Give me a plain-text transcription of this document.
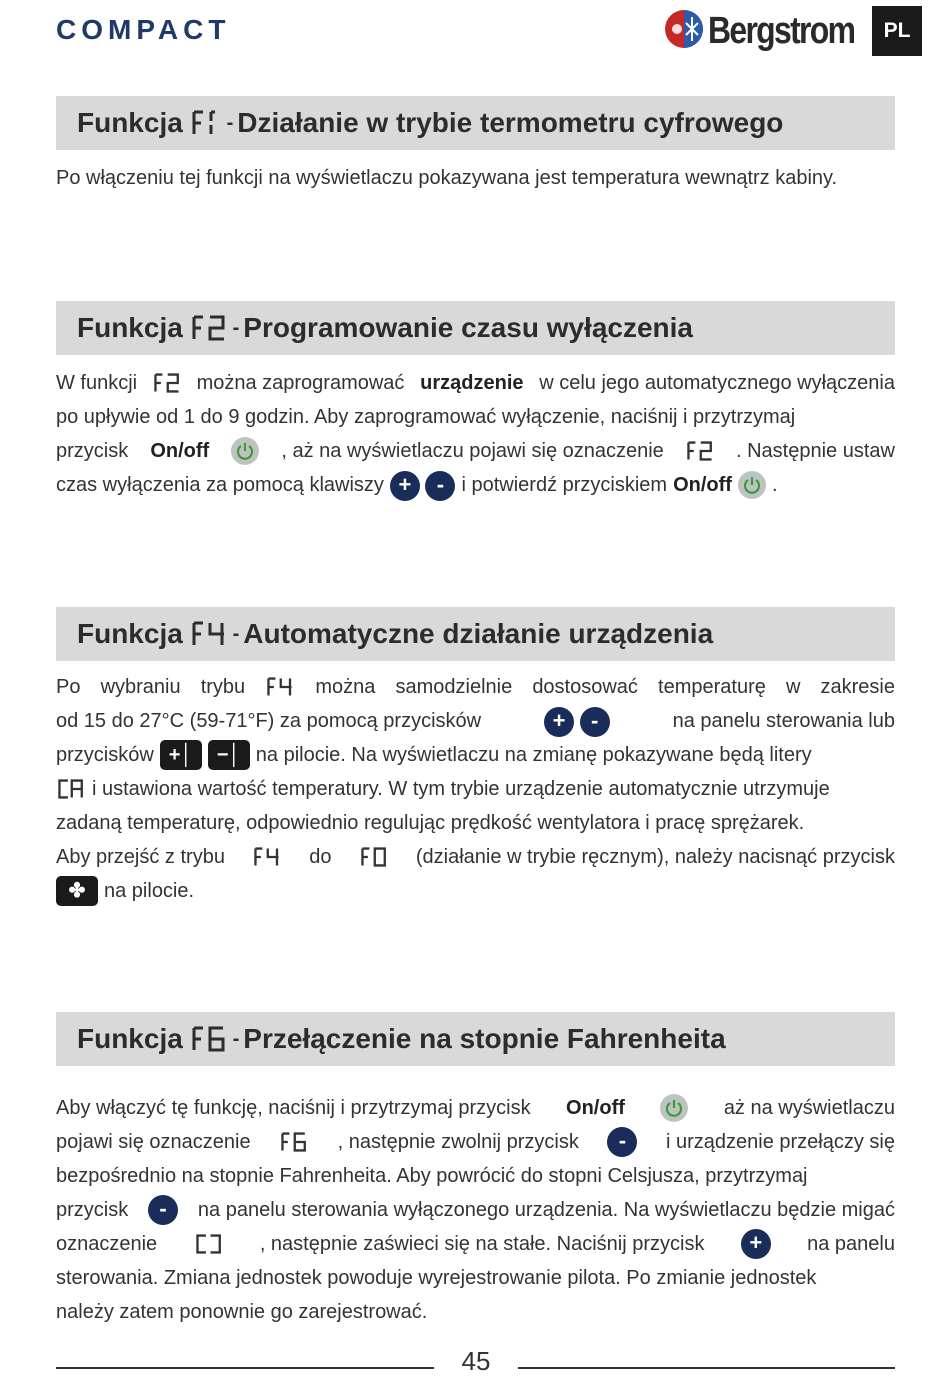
COMPACT	Bergstrom	PL
Funkcja
- Działanie w trybie termometru cyfrowego
Po włączeniu tej funkcji na wyświetlaczu pokazywana jest temperatura wewnątrz kabiny.
Funkcja
- Programowanie czasu wyłączenia
W funkcji	można zaprogramować urządzenie w celu jego automatycznego wyłączenia
po upływie od 1 do 9 godzin. Aby zaprogramować wyłączenie, naciśnij i przytrzymaj
przycisk On/off	, aż na wyświetlaczu pojawi się oznaczenie	. Następnie ustaw
czas wyłączenia za pomocą klawiszy + - i potwierdź przyciskiem On/off .
Funkcja
- Automatyczne działanie urządzenia
Po wybraniu trybu	można samodzielnie dostosować temperaturę w zakresie
od 15 do 27°C (59-71°F) za pomocą przycisków	+ -	na panelu sterowania lub
przycisków +│	−│ na pilocie. Na wyświetlaczu na zmianę pokazywane będą litery
i ustawiona wartość temperatury. W tym trybie urządzenie automatycznie utrzymuje
zadaną temperaturę, odpowiednio regulując prędkość wentylatora i pracę sprężarek.
Aby przejść z trybu	do	(działanie w trybie ręcznym), należy nacisnąć przycisk
✤ na pilocie.
Funkcja
- Przełączenie na stopnie Fahrenheita
Aby włączyć tę funkcję, naciśnij i przytrzymaj przycisk On/off	aż na wyświetlaczu
pojawi się oznaczenie	, następnie zwolnij przycisk	-	i urządzenie przełączy się
bezpośrednio na stopnie Fahrenheita. Aby powrócić do stopni Celsjusza, przytrzymaj
przycisk	-	na panelu sterowania wyłączonego urządzenia. Na wyświetlaczu będzie migać
oznaczenie	, następnie zaświeci się na stałe. Naciśnij przycisk	+	na panelu
sterowania. Zmiana jednostek powoduje wyrejestrowanie pilota. Po zmianie jednostek
należy zatem ponownie go zarejestrować.
45
